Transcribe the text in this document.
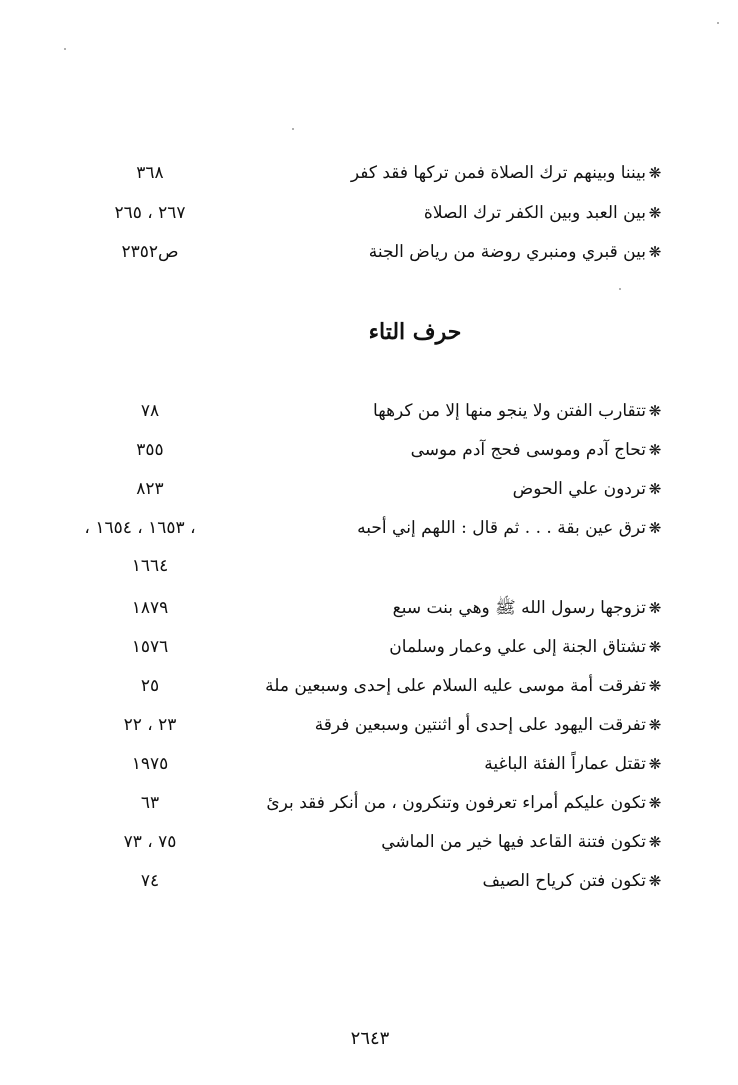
❋
بيننا وبينهم ترك الصلاة فمن تركها فقد كفر
٣٦٨
❋
بين العبد وبين الكفر ترك الصلاة
٢٦٧ ، ٢٦٥
❋
بين قبري ومنبري روضة من رياض الجنة
ص٢٣٥٢
حرف التاء
❋
تتقارب الفتن ولا ينجو منها إلا من كرهها
٧٨
❋
تحاج آدم وموسى فحج آدم موسى
٣٥٥
❋
تردون علي الحوض
٨٢٣
❋
ترق عين بقة . . . ثم قال : اللهم إني أحبه
، ١٦٥٣ ، ١٦٥٤ ،
١٦٦٤
❋
تزوجها رسول الله ﷺ وهي بنت سبع
١٨٧٩
❋
تشتاق الجنة إلى علي وعمار وسلمان
١٥٧٦
❋
تفرقت أمة موسى عليه السلام على إحدى وسبعين ملة
٢٥
❋
تفرقت اليهود على إحدى أو اثنتين وسبعين فرقة
٢٣ ، ٢٢
❋
تقتل عماراً الفئة الباغية
١٩٧٥
❋
تكون عليكم أمراء تعرفون وتنكرون ، من أنكر فقد برئ
٦٣
❋
تكون فتنة القاعد فيها خير من الماشي
٧٥ ، ٧٣
❋
تكون فتن كرياح الصيف
٧٤
٢٦٤٣
